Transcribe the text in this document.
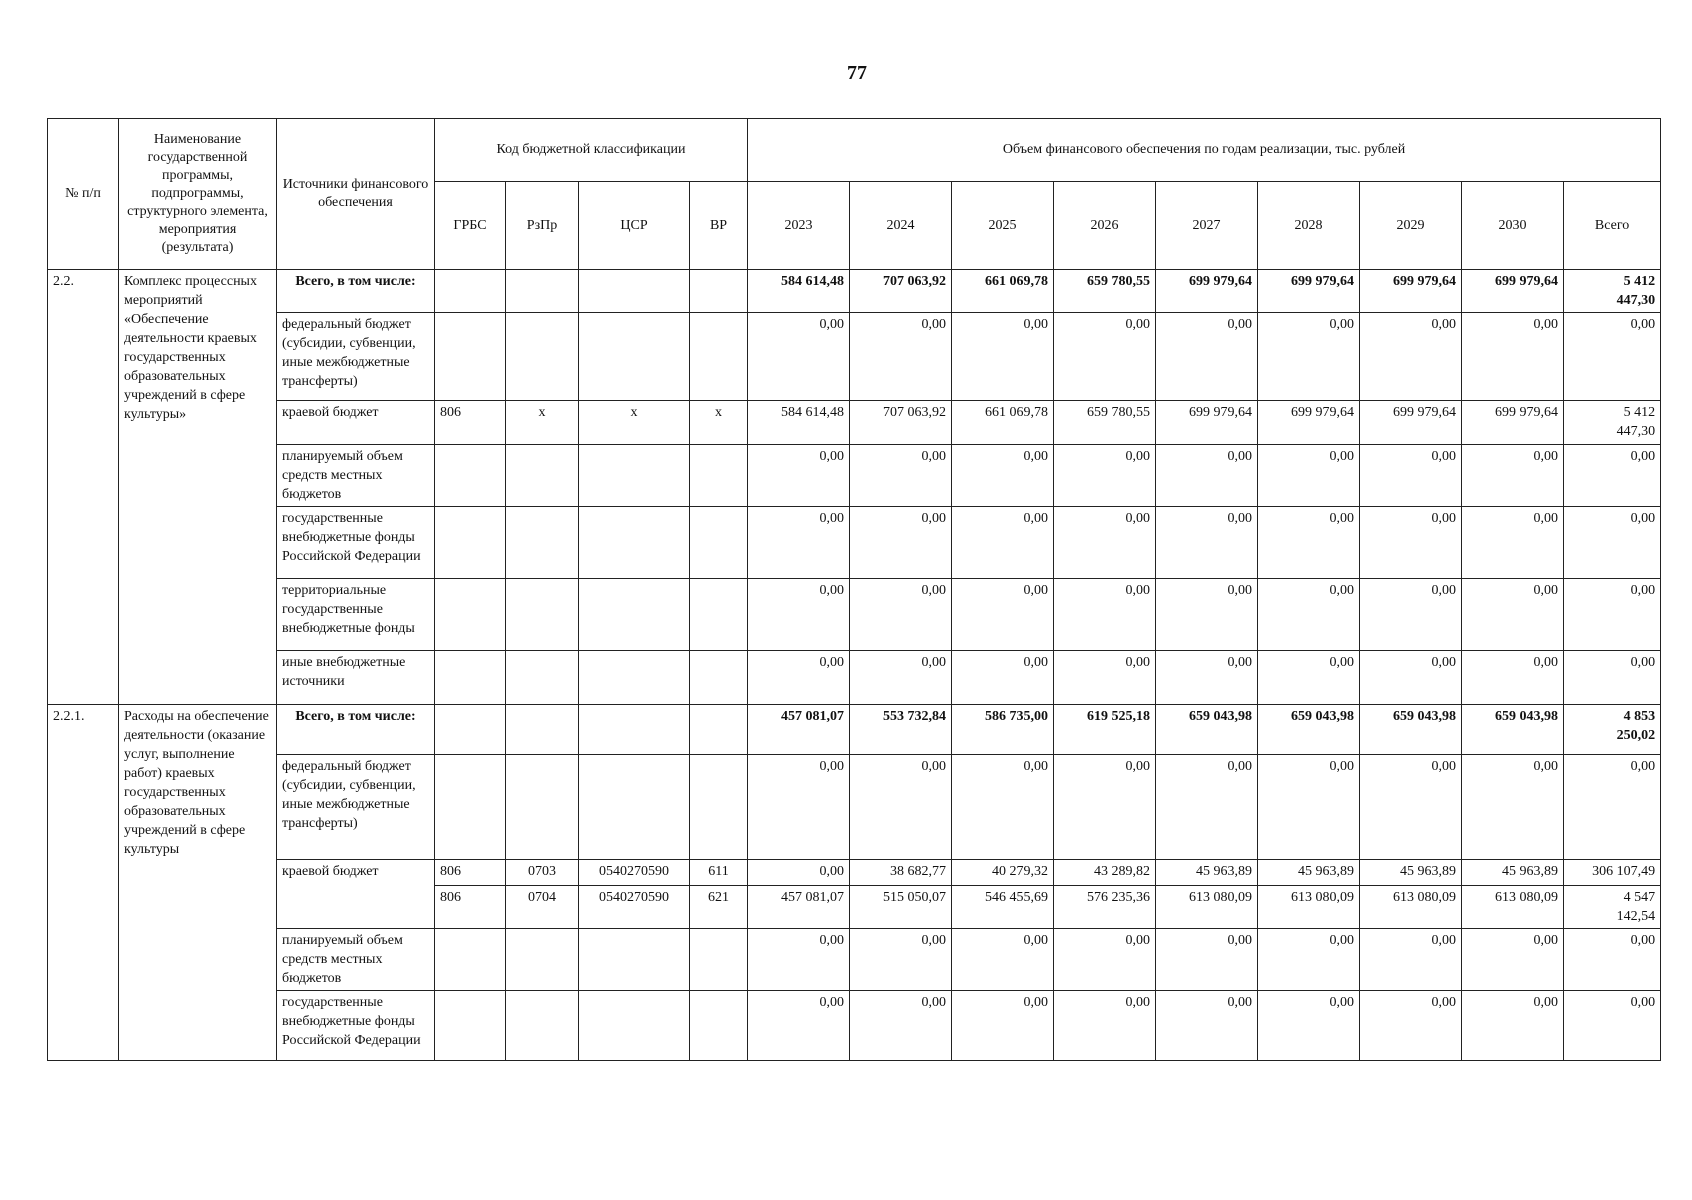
77
№ п/п	Наименование государственной программы, подпрограммы, структурного элемента, мероприятия (результата)	Источники финансового обеспечения	Код бюджетной классификации				Объем финансового обеспечения по годам реализации, тыс. рублей								
			ГРБС	РзПр	ЦСР	ВР	2023	2024	2025	2026	2027	2028	2029	2030	Всего
2.2.	Комплекс процессных мероприятий «Обеспечение деятельности краевых государственных образовательных учреждений в сфере культуры»	Всего, в том числе:					584 614,48	707 063,92	661 069,78	659 780,55	699 979,64	699 979,64	699 979,64	699 979,64	5 412
447,30
		федеральный бюджет (субсидии, субвенции, иные межбюджетные трансферты)					0,00	0,00	0,00	0,00	0,00	0,00	0,00	0,00	0,00
		краевой бюджет	806	x	x	x	584 614,48	707 063,92	661 069,78	659 780,55	699 979,64	699 979,64	699 979,64	699 979,64	5 412
447,30
		планируемый объем средств местных бюджетов					0,00	0,00	0,00	0,00	0,00	0,00	0,00	0,00	0,00
		государственные внебюджетные фонды Российской Федерации					0,00	0,00	0,00	0,00	0,00	0,00	0,00	0,00	0,00
		территориальные государственные внебюджетные фонды					0,00	0,00	0,00	0,00	0,00	0,00	0,00	0,00	0,00
		иные внебюджетные источники					0,00	0,00	0,00	0,00	0,00	0,00	0,00	0,00	0,00
2.2.1.	Расходы на обеспечение деятельности (оказание услуг, выполнение работ) краевых государственных образовательных учреждений в сфере культуры	Всего, в том числе:					457 081,07	553 732,84	586 735,00	619 525,18	659 043,98	659 043,98	659 043,98	659 043,98	4 853
250,02
		федеральный бюджет (субсидии, субвенции, иные межбюджетные трансферты)					0,00	0,00	0,00	0,00	0,00	0,00	0,00	0,00	0,00
		краевой бюджет	806	0703	0540270590	611	0,00	38 682,77	40 279,32	43 289,82	45 963,89	45 963,89	45 963,89	45 963,89	306 107,49
			806	0704	0540270590	621	457 081,07	515 050,07	546 455,69	576 235,36	613 080,09	613 080,09	613 080,09	613 080,09	4 547
142,54
		планируемый объем средств местных бюджетов					0,00	0,00	0,00	0,00	0,00	0,00	0,00	0,00	0,00
		государственные внебюджетные фонды Российской Федерации					0,00	0,00	0,00	0,00	0,00	0,00	0,00	0,00	0,00
